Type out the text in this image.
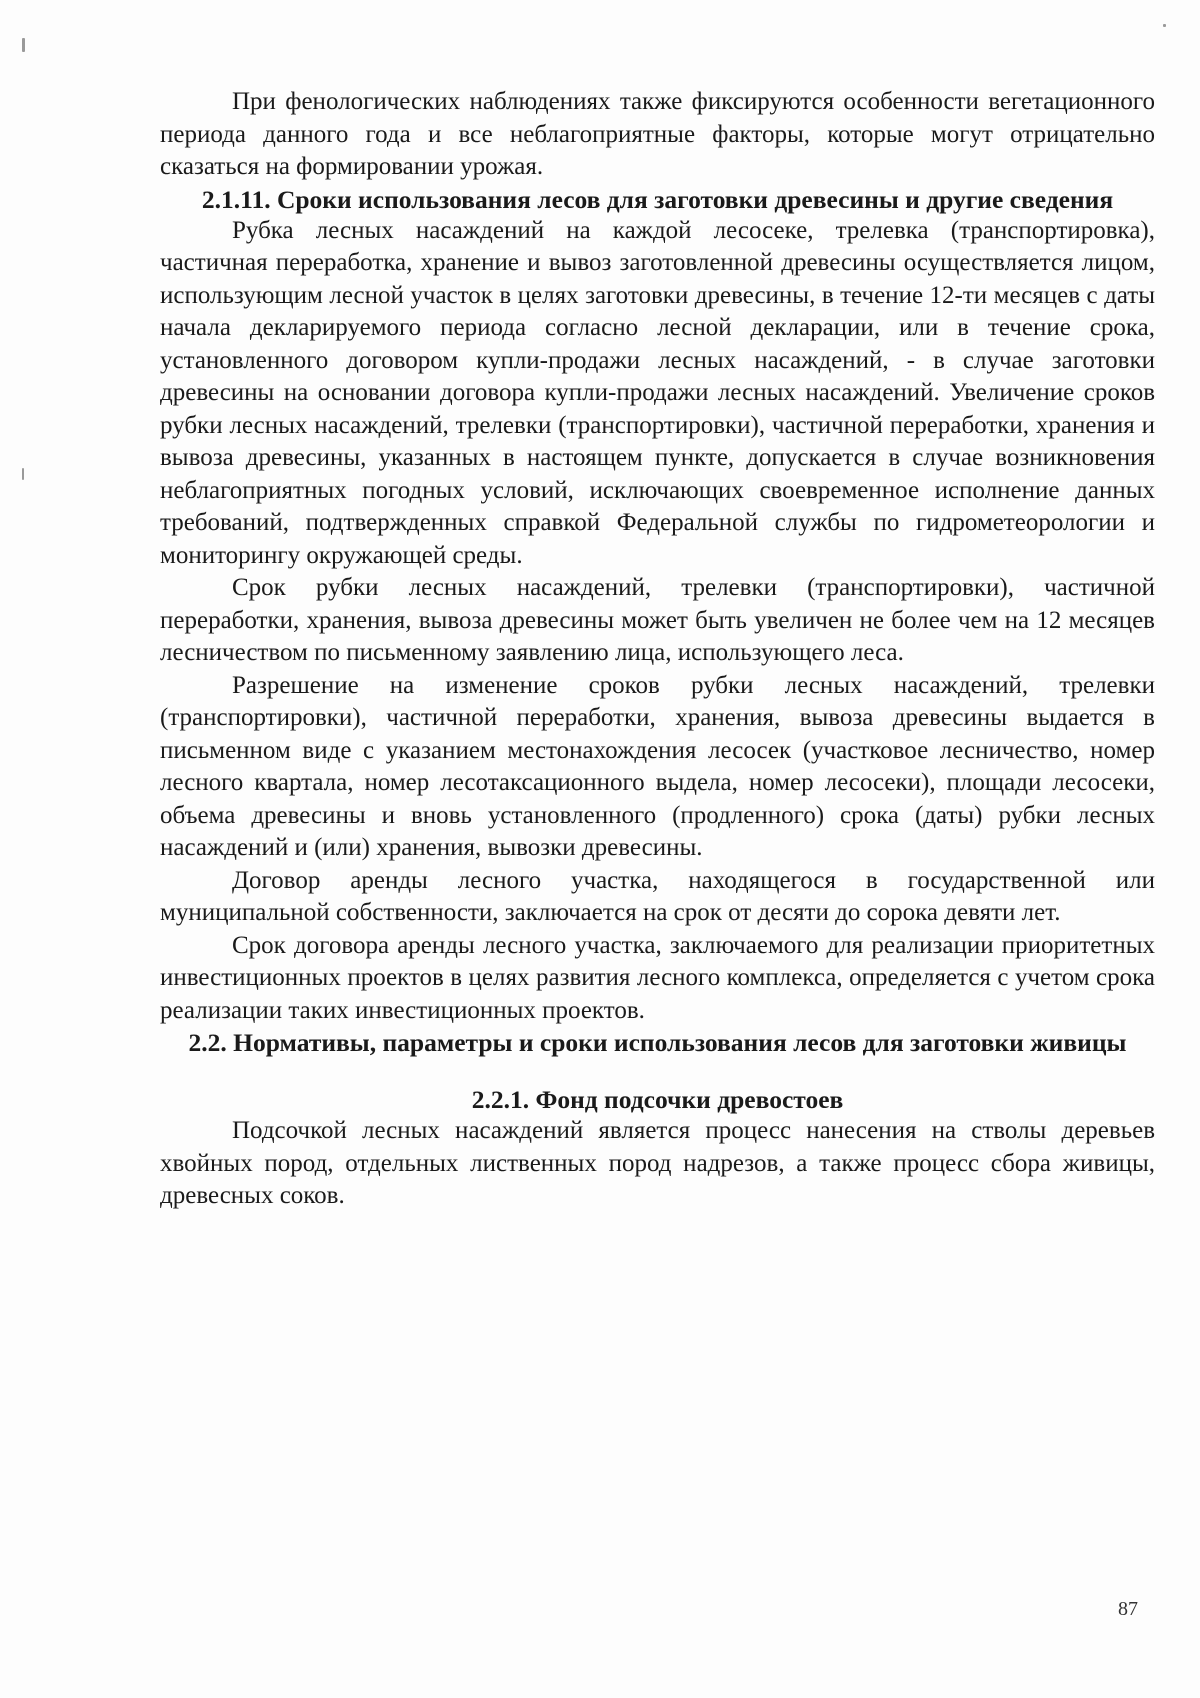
При фенологических наблюдениях также фиксируются особенности вегетационного периода данного года и все неблагоприятные факторы, которые могут отрицательно сказаться на формировании урожая.

2.1.11. Сроки использования лесов для заготовки древесины и другие сведения

Рубка лесных насаждений на каждой лесосеке, трелевка (транспортировка), частичная переработка, хранение и вывоз заготовленной древесины осуществляется лицом, использующим лесной участок в целях заготовки древесины, в течение 12-ти месяцев с даты начала декларируемого периода согласно лесной декларации, или в течение срока, установленного договором купли-продажи лесных насаждений, - в случае заготовки древесины на основании договора купли-продажи лесных насаждений. Увеличение сроков рубки лесных насаждений, трелевки (транспортировки), частичной переработки, хранения и вывоза древесины, указанных в настоящем пункте, допускается в случае возникновения неблагоприятных погодных условий, исключающих своевременное исполнение данных требований, подтвержденных справкой Федеральной службы по гидрометеорологии и мониторингу окружающей среды.

Срок рубки лесных насаждений, трелевки (транспортировки), частичной переработки, хранения, вывоза древесины может быть увеличен не более чем на 12 месяцев лесничеством по письменному заявлению лица, использующего леса.

Разрешение на изменение сроков рубки лесных насаждений, трелевки (транспортировки), частичной переработки, хранения, вывоза древесины выдается в письменном виде с указанием местонахождения лесосек (участковое лесничество, номер лесного квартала, номер лесотаксационного выдела, номер лесосеки), площади лесосеки, объема древесины и вновь установленного (продленного) срока (даты) рубки лесных насаждений и (или) хранения, вывозки древесины.

Договор аренды лесного участка, находящегося в государственной или муниципальной собственности, заключается на срок от десяти до сорока девяти лет.

Срок договора аренды лесного участка, заключаемого для реализации приоритетных инвестиционных проектов в целях развития лесного комплекса, определяется с учетом срока реализации таких инвестиционных проектов.

2.2. Нормативы, параметры и сроки использования лесов для заготовки живицы
2.2.1. Фонд подсочки древостоев

Подсочкой лесных насаждений является процесс нанесения на стволы деревьев хвойных пород, отдельных лиственных пород надрезов, а также процесс сбора живицы, древесных соков.

87
